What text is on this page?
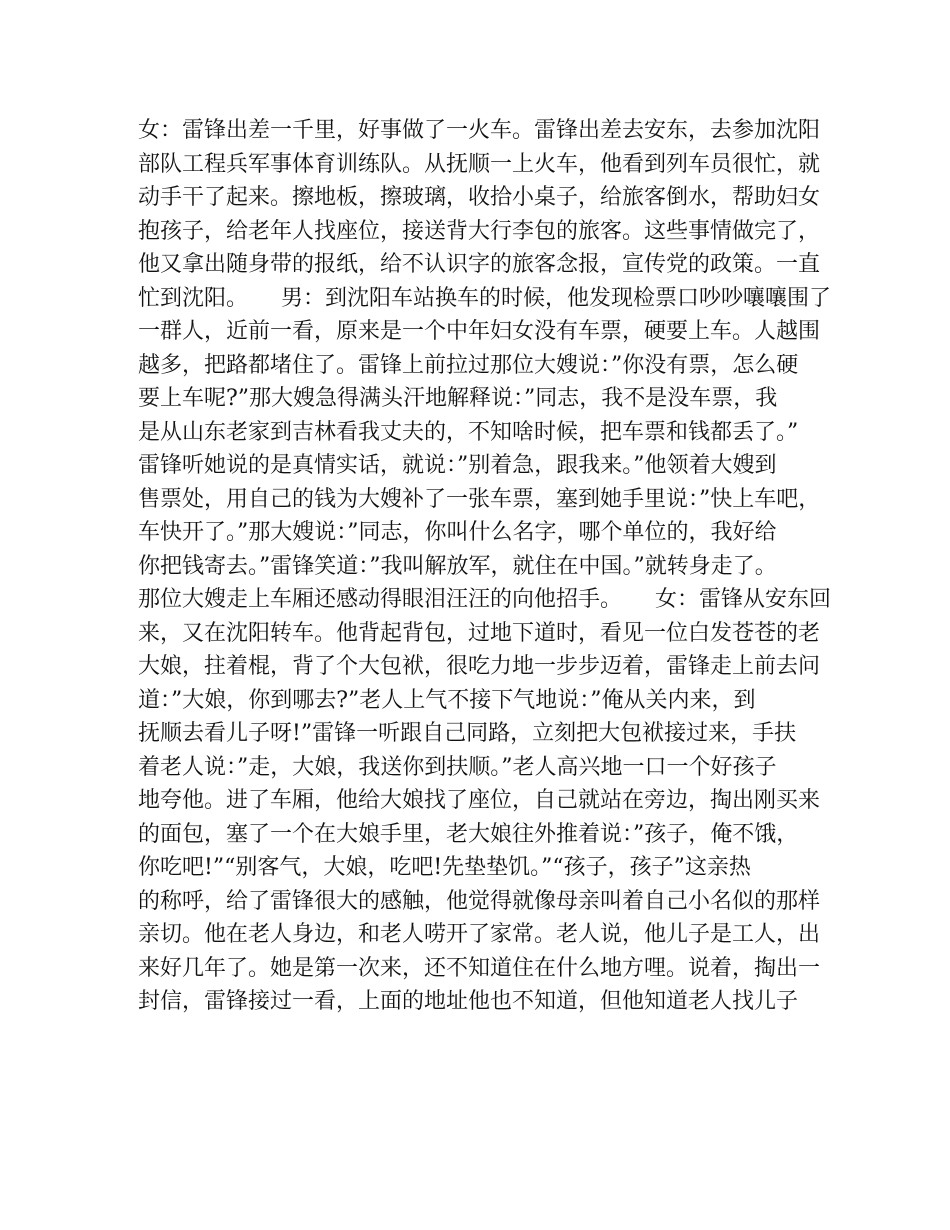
女：雷锋出差一千里，好事做了一火车。雷锋出差去安东，去参加沈阳
部队工程兵军事体育训练队。从抚顺一上火车，他看到列车员很忙，就
动手干了起来。擦地板，擦玻璃，收拾小桌子，给旅客倒水，帮助妇女
抱孩子，给老年人找座位，接送背大行李包的旅客。这些事情做完了，
他又拿出随身带的报纸，给不认识字的旅客念报，宣传党的政策。一直
忙到沈阳。　　男：到沈阳车站换车的时候，他发现检票口吵吵嚷嚷围了
一群人，近前一看，原来是一个中年妇女没有车票，硬要上车。人越围
越多，把路都堵住了。雷锋上前拉过那位大嫂说：”你没有票，怎么硬
要上车呢?”那大嫂急得满头汗地解释说：”同志，我不是没车票，我
是从山东老家到吉林看我丈夫的，不知啥时候，把车票和钱都丢了。”
雷锋听她说的是真情实话，就说：”别着急，跟我来。”他领着大嫂到
售票处，用自己的钱为大嫂补了一张车票，塞到她手里说：”快上车吧，
车快开了。”那大嫂说：”同志，你叫什么名字，哪个单位的，我好给
你把钱寄去。”雷锋笑道：”我叫解放军，就住在中国。”就转身走了。
那位大嫂走上车厢还感动得眼泪汪汪的向他招手。　　女：雷锋从安东回
来，又在沈阳转车。他背起背包，过地下道时，看见一位白发苍苍的老
大娘，拄着棍，背了个大包袱，很吃力地一步步迈着，雷锋走上前去问
道：”大娘，你到哪去?”老人上气不接下气地说：”俺从关内来，到
抚顺去看儿子呀!”雷锋一听跟自己同路，立刻把大包袱接过来，手扶
着老人说：”走，大娘，我送你到扶顺。”老人高兴地一口一个好孩子
地夸他。进了车厢，他给大娘找了座位，自己就站在旁边，掏出刚买来
的面包，塞了一个在大娘手里，老大娘往外推着说：”孩子，俺不饿，
你吃吧!”“别客气，大娘，吃吧!先垫垫饥。”“孩子，孩子”这亲热
的称呼，给了雷锋很大的感触，他觉得就像母亲叫着自己小名似的那样
亲切。他在老人身边，和老人唠开了家常。老人说，他儿子是工人，出
来好几年了。她是第一次来，还不知道住在什么地方哩。说着，掏出一
封信，雷锋接过一看，上面的地址他也不知道，但他知道老人找儿子
